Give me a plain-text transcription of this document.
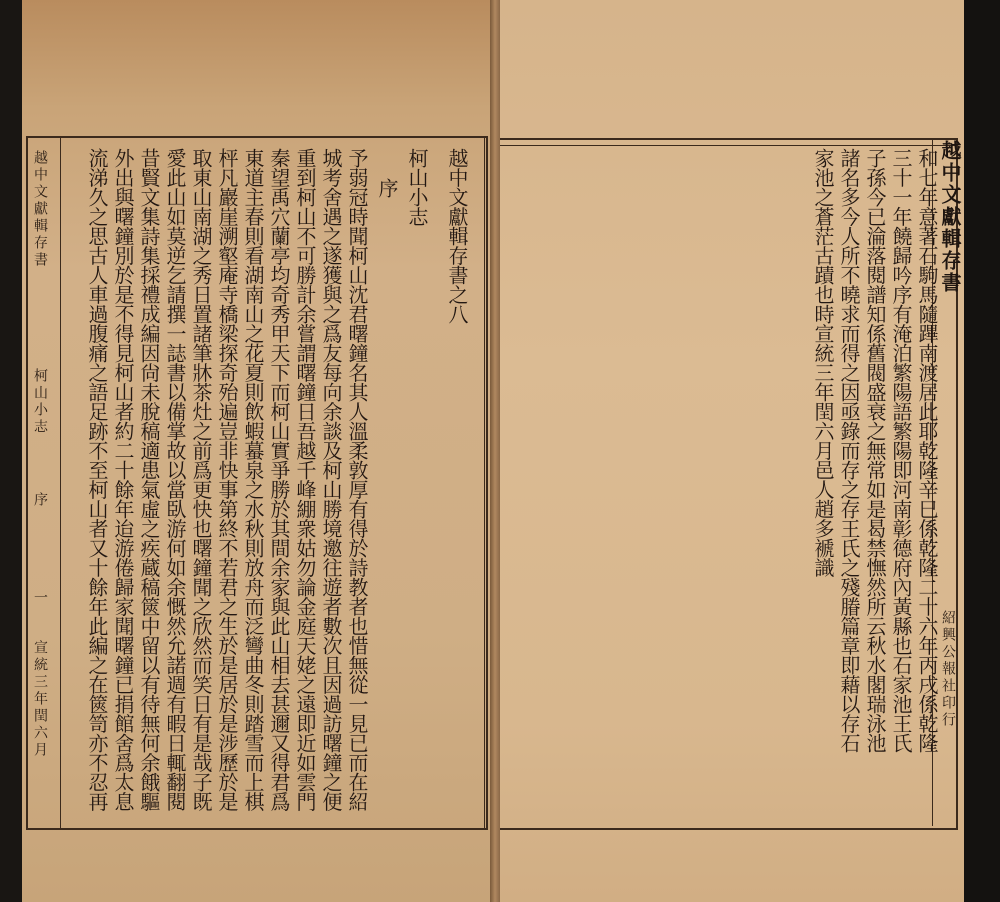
越中文獻輯存書之八
柯山小志
序
予弱冠時聞柯山沈君曙鐘名其人溫柔敦厚有得於詩教者也惜無從一見已而在紹
城考舍遇之遂獲與之爲友每向余談及柯山勝境邀往遊者數次且因過訪曙鐘之便
重到柯山不可勝計余嘗謂曙鐘日吾越千峰綳衆姑勿論金庭天姥之遠即近如雲門
秦望禹穴蘭亭均奇秀甲天下而柯山實爭勝於其間余家與此山相去甚邇又得君爲
東道主春則看湖南山之花夏則飲蝦蟇泉之水秋則放舟而泛彎曲冬則踏雪而上棋
枰凡巖崖溯壑庵寺橋梁探奇殆遍豈非快事第終不若君之生於是居於是涉歷於是
取東山南湖之秀日置諸筆牀茶灶之前爲更快也曙鐘聞之欣然而笑日有是哉子既
愛此山如莫逆乞請撰一誌書以備掌故以當臥游何如余慨然允諾週有暇日輒翻閱
昔賢文集詩集採禮成編因尙未脫稿適患氣虛之疾蔵稿篋中留以有待無何余餓驅
外出與曙鐘別於是不得見柯山者約二十餘年迨游倦歸家聞曙鐘已捐館舍爲太息
流涕久之思古人車過腹痛之語足跡不至柯山者又十餘年此編之在篋笥亦不忍再
越中文獻輯存書
柯山小志
序
一
宣統三年閏六月	和七年意著石駒馬隨蹕南渡居此耶乾隆辛巳係乾隆二十六年丙戌係乾隆
三十一年饒歸吟序有淹泊繁陽語繁陽即河南彰德府內黃縣也石家池王氏
子孫今已淪落閱譜知係舊閥盛衰之無常如是曷禁憮然所云秋水閣瑞泳池
諸名多今人所不曉求而得之因亟錄而存之存王氏之殘膡篇章即藉以存石
家池之蒼茫古蹟也時宣統三年閏六月邑人趙多褫識	越中文獻輯存書
紹興公報社印行
